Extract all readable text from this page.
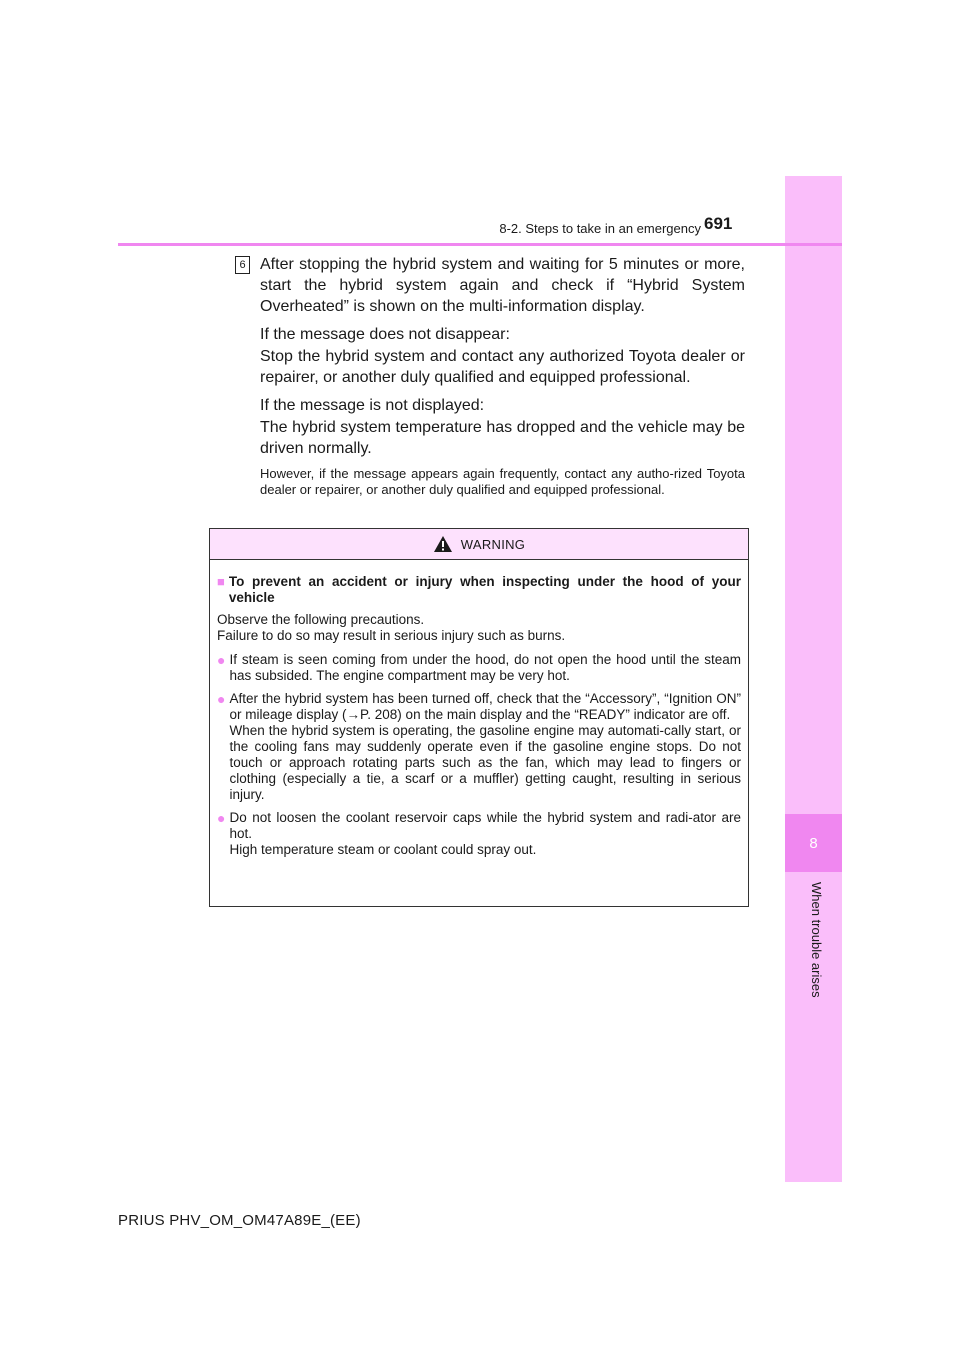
8
When trouble arises
8-2. Steps to take in an emergency 691
6 After stopping the hybrid system and waiting for 5 minutes or more, start the hybrid system again and check if “Hybrid System Overheated” is shown on the multi-information display.

If the message does not disappear:

Stop the hybrid system and contact any authorized Toyota dealer or repairer, or another duly qualified and equipped professional.

If the message is not displayed:

The hybrid system temperature has dropped and the vehicle may be driven normally.

However, if the message appears again frequently, contact any autho-rized Toyota dealer or repairer, or another duly qualified and equipped professional.

WARNING

■ To prevent an accident or injury when inspecting under the hood of your vehicle

Observe the following precautions.
Failure to do so may result in serious injury such as burns.

● If steam is seen coming from under the hood, do not open the hood until the steam has subsided. The engine compartment may be very hot.
● After the hybrid system has been turned off, check that the “Accessory”, “Ignition ON” or mileage display (→P. 208) on the main display and the “READY” indicator are off.
When the hybrid system is operating, the gasoline engine may automati-cally start, or the cooling fans may suddenly operate even if the gasoline engine stops. Do not touch or approach rotating parts such as the fan, which may lead to fingers or clothing (especially a tie, a scarf or a muffler) getting caught, resulting in serious injury.
● Do not loosen the coolant reservoir caps while the hybrid system and radi-ator are hot.
High temperature steam or coolant could spray out.
PRIUS PHV_OM_OM47A89E_(EE)
